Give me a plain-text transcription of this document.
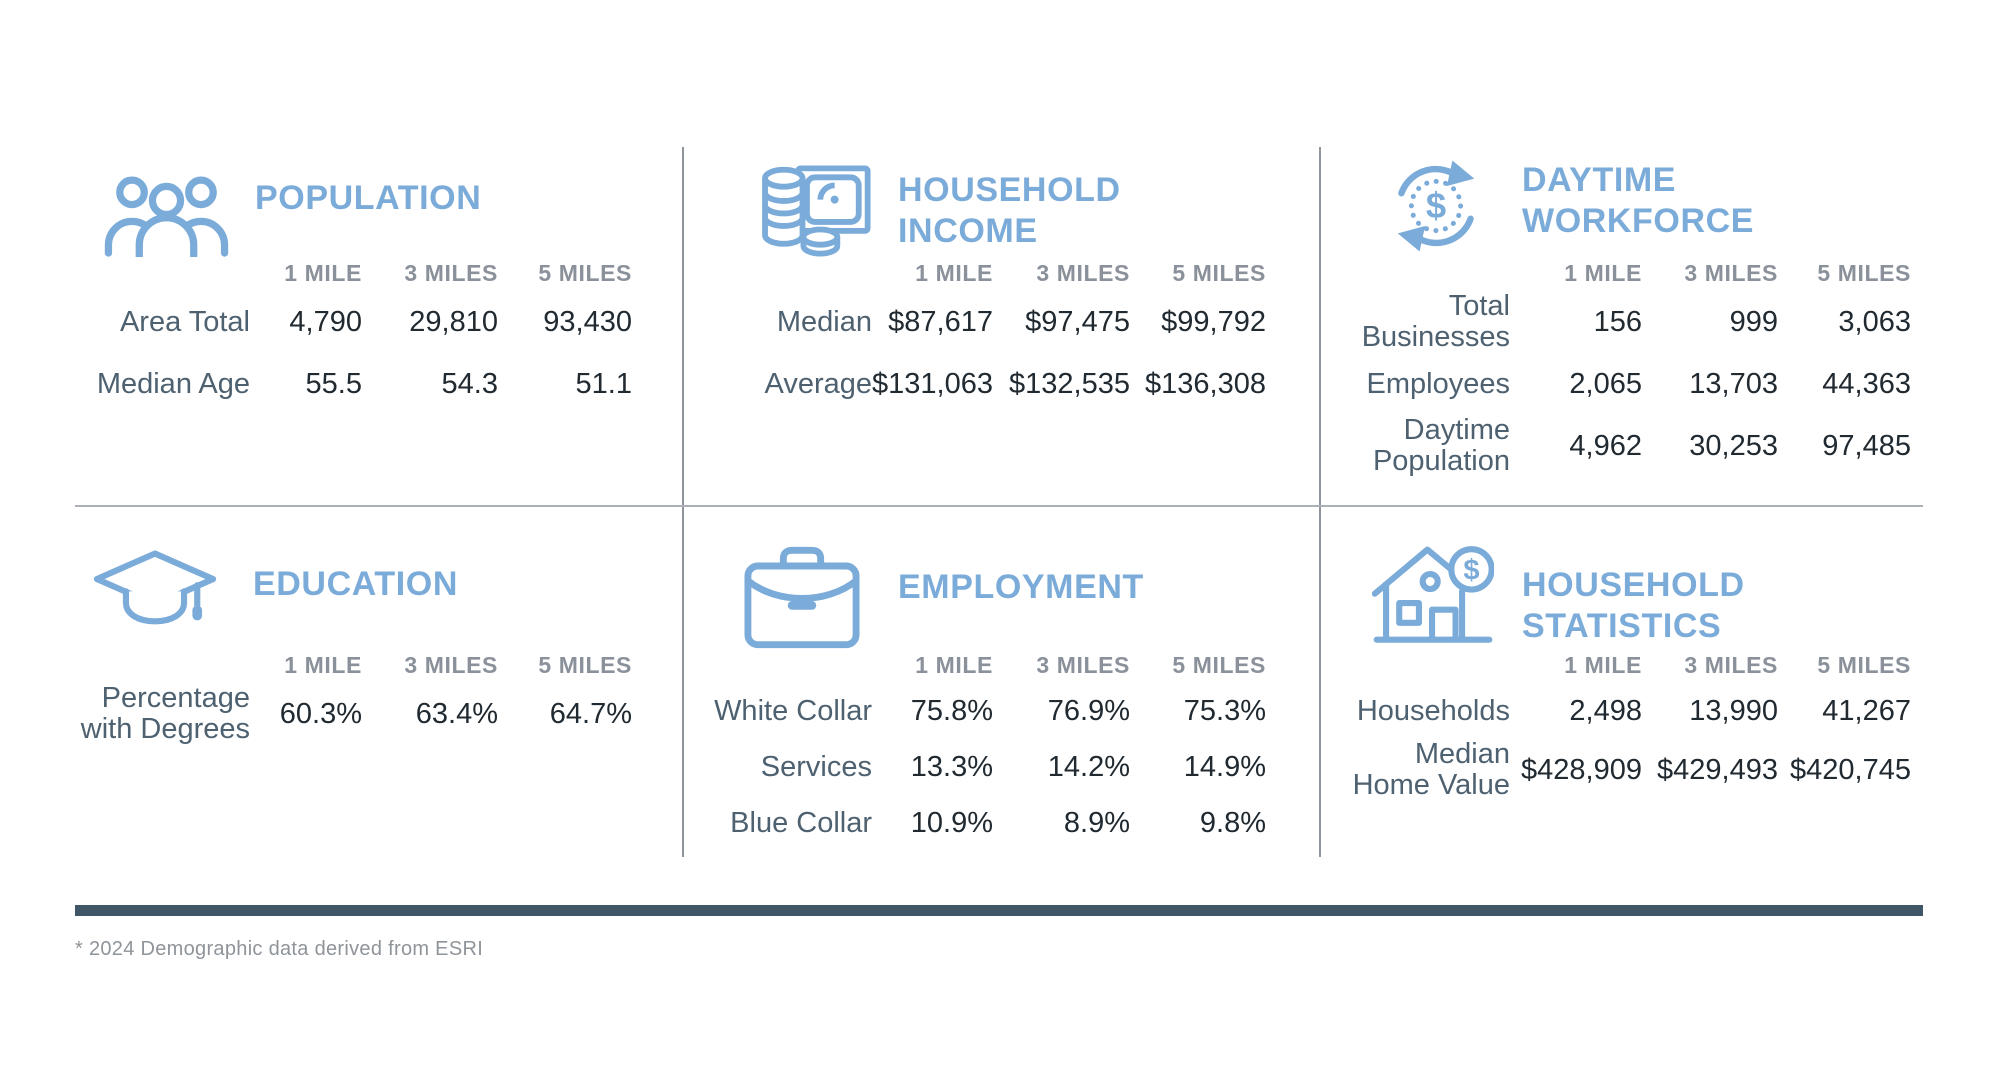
POPULATION
1 MILE	3 MILES	5 MILES
Area Total	4,790	29,810	93,430
Median Age	55.5	54.3	51.1
HOUSEHOLD
INCOME
1 MILE	3 MILES	5 MILES
Median $87,617	$97,475	$99,792
Average $131,063 $132,535 $136,308
$
DAYTIME
WORKFORCE
1 MILE	3 MILES	5 MILES
Total
Businesses	156	999	3,063
Employees	2,065	13,703	44,363
Daytime
Population	4,962	30,253	97,485
EDUCATION
1 MILE	3 MILES	5 MILES
Percentage
with Degrees	60.3%	63.4%	64.7%
EMPLOYMENT
1 MILE	3 MILES	5 MILES
White Collar	75.8%	76.9%	75.3%
Services	13.3%	14.2%	14.9%
Blue Collar	10.9%	8.9%	9.8%
$ HOUSEHOLD
STATISTICS
1 MILE	3 MILES	5 MILES
Households	2,498	13,990	41,267
Median
Home Value $428,909 $429,493 $420,745
* 2024 Demographic data derived from ESRI
